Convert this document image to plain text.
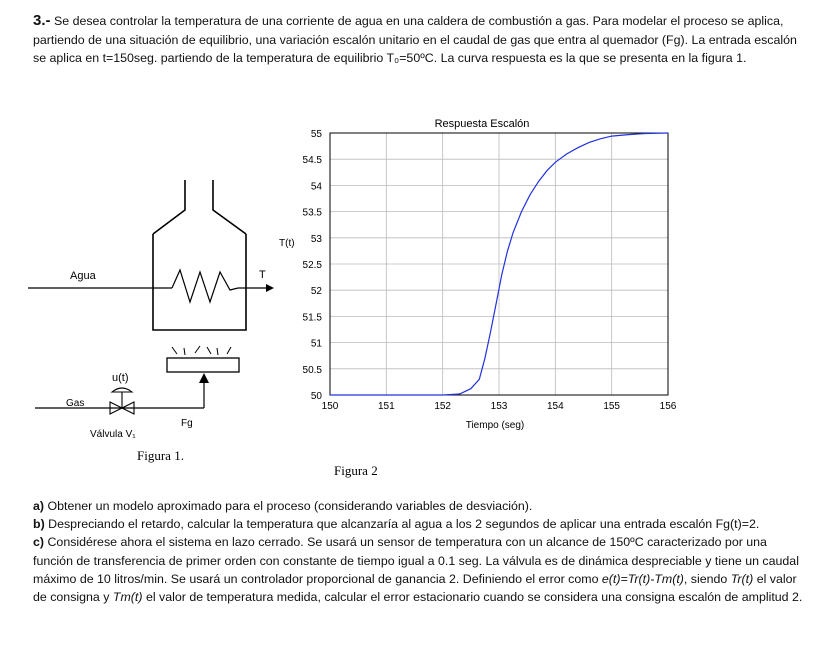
3.- Se desea controlar la temperatura de una corriente de agua en una caldera de combustión a gas. Para modelar el proceso se aplica, partiendo de una situación de equilibrio, una variación escalón unitario en el caudal de gas que entra al quemador (Fg). La entrada escalón se aplica en t=150seg. partiendo de la temperatura de equilibrio T₀=50ºC. La curva respuesta es la que se presenta en la figura 1.
Agua	T
u(t)
Gas
Fg
Válvula V₁
Figura 1.
50
50.5
51
51.5
52
52.5
53
53.5
54
54.5
55
150	151	152	153	154	155	156
Respuesta Escalón
T(t)
Tiempo (seg)
Figura 2

a) Obtener un modelo aproximado para el proceso (considerando variables de desviación).

b) Despreciando el retardo, calcular la temperatura que alcanzaría al agua a los 2 segundos de aplicar una entrada escalón Fg(t)=2.

c) Considérese ahora el sistema en lazo cerrado. Se usará un sensor de temperatura con un alcance de 150ºC caracterizado por una función de transferencia de primer orden con constante de tiempo igual a 0.1 seg. La válvula es de dinámica despreciable y tiene un caudal máximo de 10 litros/min. Se usará un controlador proporcional de ganancia 2. Definiendo el error como e(t)=Tr(t)-Tm(t), siendo Tr(t) el valor de consigna y Tm(t) el valor de temperatura medida, calcular el error estacionario cuando se considera una consigna escalón de amplitud 2.
